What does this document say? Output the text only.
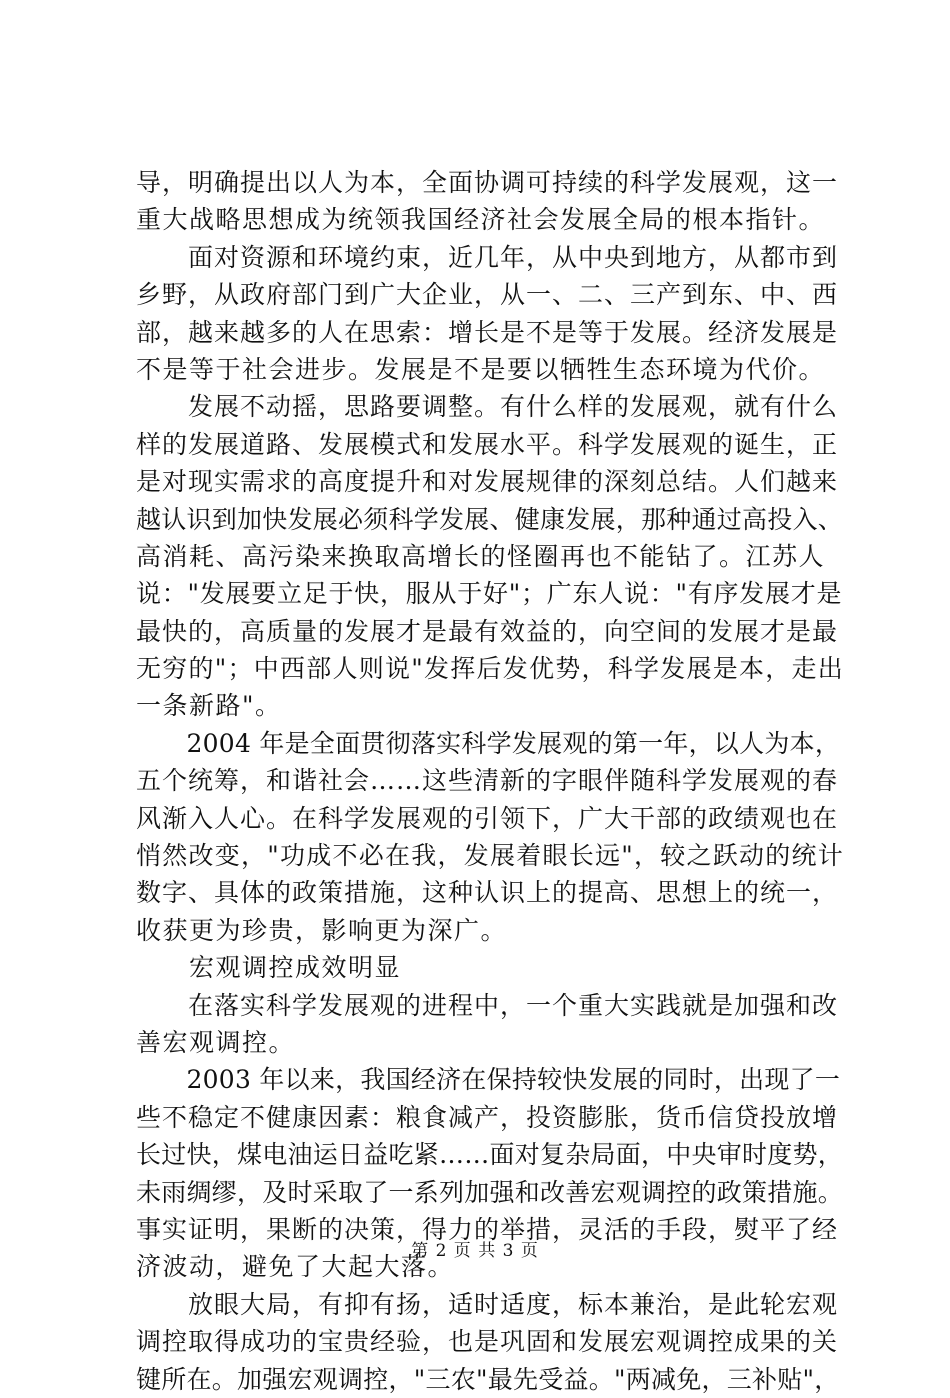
导，明确提出以人为本，全面协调可持续的科学发展观，这一
重大战略思想成为统领我国经济社会发展全局的根本指针。
　　面对资源和环境约束，近几年，从中央到地方，从都市到
乡野，从政府部门到广大企业，从一、二、三产到东、中、西
部，越来越多的人在思索：增长是不是等于发展。经济发展是
不是等于社会进步。发展是不是要以牺牲生态环境为代价。
　　发展不动摇，思路要调整。有什么样的发展观，就有什么
样的发展道路、发展模式和发展水平。科学发展观的诞生，正
是对现实需求的高度提升和对发展规律的深刻总结。人们越来
越认识到加快发展必须科学发展、健康发展，那种通过高投入、
高消耗、高污染来换取高增长的怪圈再也不能钻了。江苏人
说："发展要立足于快，服从于好"；广东人说："有序发展才是
最快的，高质量的发展才是最有效益的，向空间的发展才是最
无穷的"；中西部人则说"发挥后发优势，科学发展是本，走出
一条新路"。
　　2004 年是全面贯彻落实科学发展观的第一年，以人为本，
五个统筹，和谐社会……这些清新的字眼伴随科学发展观的春
风渐入人心。在科学发展观的引领下，广大干部的政绩观也在
悄然改变，"功成不必在我，发展着眼长远"，较之跃动的统计
数字、具体的政策措施，这种认识上的提高、思想上的统一，
收获更为珍贵，影响更为深广。
　　宏观调控成效明显
　　在落实科学发展观的进程中，一个重大实践就是加强和改
善宏观调控。
　　2003 年以来，我国经济在保持较快发展的同时，出现了一
些不稳定不健康因素：粮食减产，投资膨胀，货币信贷投放增
长过快，煤电油运日益吃紧……面对复杂局面，中央审时度势，
未雨绸缪，及时采取了一系列加强和改善宏观调控的政策措施。
事实证明，果断的决策，得力的举措，灵活的手段，熨平了经
济波动，避免了大起大落。
　　放眼大局，有抑有扬，适时适度，标本兼治，是此轮宏观
调控取得成功的宝贵经验，也是巩固和发展宏观调控成果的关
键所在。加强宏观调控，"三农"最先受益。"两减免，三补贴"，
第 2 页 共 3 页
